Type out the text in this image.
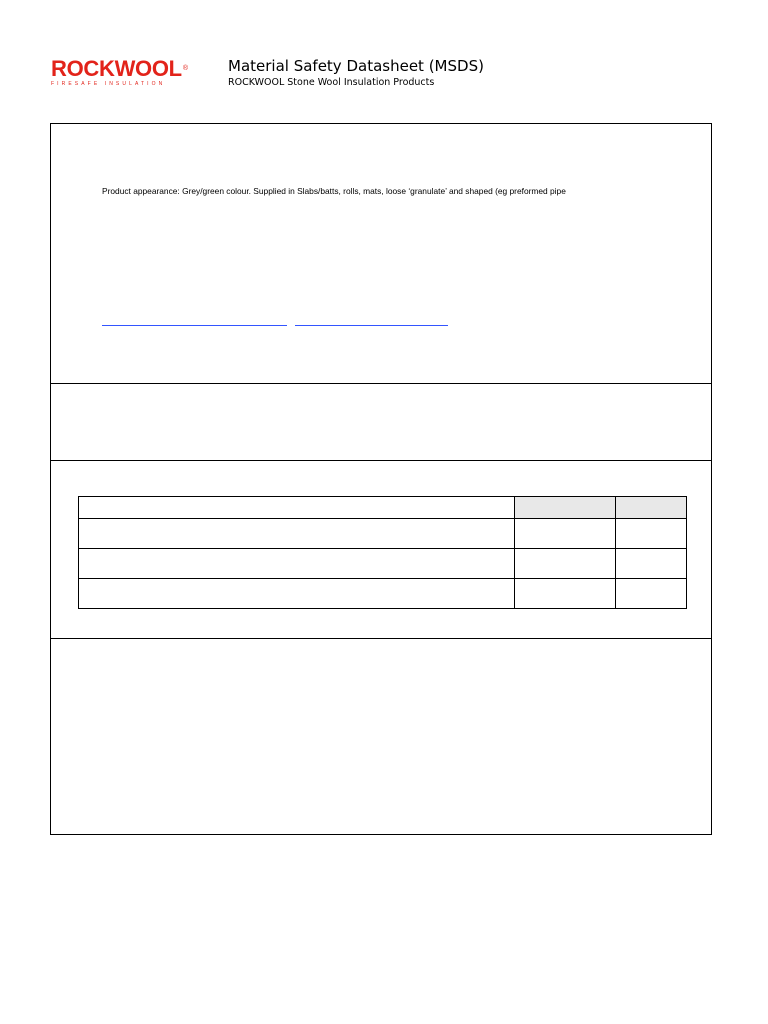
ROCKWOOL®
FIRESAFE INSULATION
Material Safety Datasheet (MSDS)
ROCKWOOL Stone Wool Insulation Products
Product appearance: Grey/green colour. Supplied in Slabs/batts, rolls, mats, loose ‘granulate’ and shaped (eg preformed pipe
